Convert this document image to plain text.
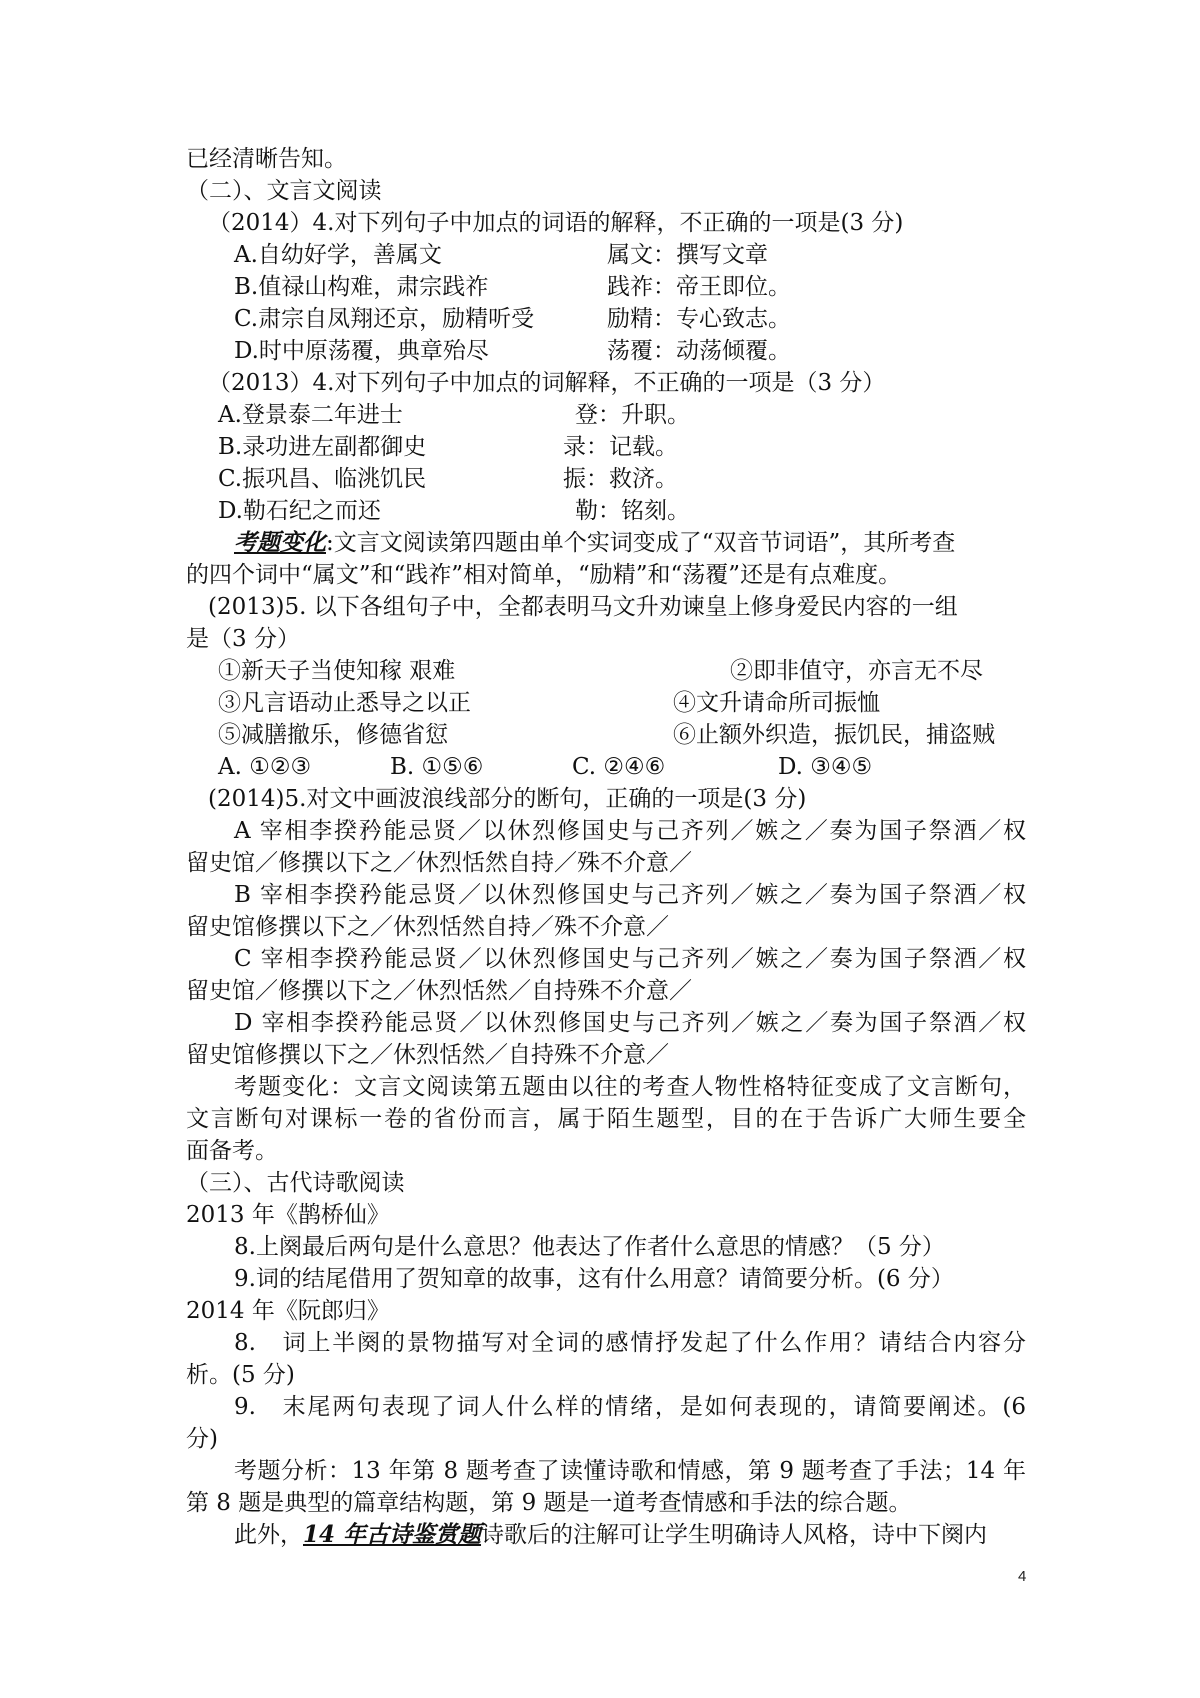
已经清晰告知。
（二）、文言文阅读
（2014）4.对下列句子中加点的词语的解释，不正确的一项是(3 分)
A.自幼好学，善属文	属文：撰写文章
B.值禄山构难，肃宗践祚	践祚：帝王即位。
C.肃宗自凤翔还京，励精听受	励精：专心致志。
D.时中原荡覆，典章殆尽	荡覆：动荡倾覆。
（2013）4.对下列句子中加点的词解释，不正确的一项是（3 分）
A.登景泰二年进士	登：升职。
B.录功进左副都御史	录：记载。
C.振巩昌、临洮饥民	振：救济。
D.勒石纪之而还	勒：铭刻。
考题变化:文言文阅读第四题由单个实词变成了“双音节词语”，其所考查
的四个词中“属文”和“践祚”相对简单，“励精”和“荡覆”还是有点难度。
(2013)5. 以下各组句子中，全都表明马文升劝谏皇上修身爱民内容的一组
是（3 分）
①新天子当使知稼 艰难	②即非值守，亦言无不尽
③凡言语动止悉导之以正	④文升请命所司振恤
⑤减膳撤乐，修德省愆	⑥止额外织造，振饥民，捕盗贼
A. ①②③	B. ①⑤⑥	C. ②④⑥	D. ③④⑤
(2014)5.对文中画波浪线部分的断句，正确的一项是(3 分)
A 宰相李揆矜能忌贤／以休烈修国史与己齐列／嫉之／奏为国子祭酒／权
留史馆／修撰以下之／休烈恬然自持／殊不介意／
B 宰相李揆矜能忌贤／以休烈修国史与己齐列／嫉之／奏为国子祭酒／权
留史馆修撰以下之／休烈恬然自持／殊不介意／
C 宰相李揆矜能忌贤／以休烈修国史与己齐列／嫉之／奏为国子祭酒／权
留史馆／修撰以下之／休烈恬然／自持殊不介意／
D 宰相李揆矜能忌贤／以休烈修国史与己齐列／嫉之／奏为国子祭酒／权
留史馆修撰以下之／休烈恬然／自持殊不介意／
考题变化：文言文阅读第五题由以往的考查人物性格特征变成了文言断句，
文言断句对课标一卷的省份而言，属于陌生题型，目的在于告诉广大师生要全
面备考。
（三）、古代诗歌阅读
2013 年《鹊桥仙》
8.上阕最后两句是什么意思？他表达了作者什么意思的情感？（5 分）
9.词的结尾借用了贺知章的故事，这有什么用意？请简要分析。(6 分）
2014 年《阮郎归》
8.　词上半阕的景物描写对全词的感情抒发起了什么作用？请结合内容分
析。(5 分)
9.　末尾两句表现了词人什么样的情绪，是如何表现的，请简要阐述。(6
分)
考题分析：13 年第 8 题考查了读懂诗歌和情感，第 9 题考查了手法；14 年
第 8 题是典型的篇章结构题，第 9 题是一道考查情感和手法的综合题。
此外，14 年古诗鉴赏题诗歌后的注解可让学生明确诗人风格，诗中下阕内
4
